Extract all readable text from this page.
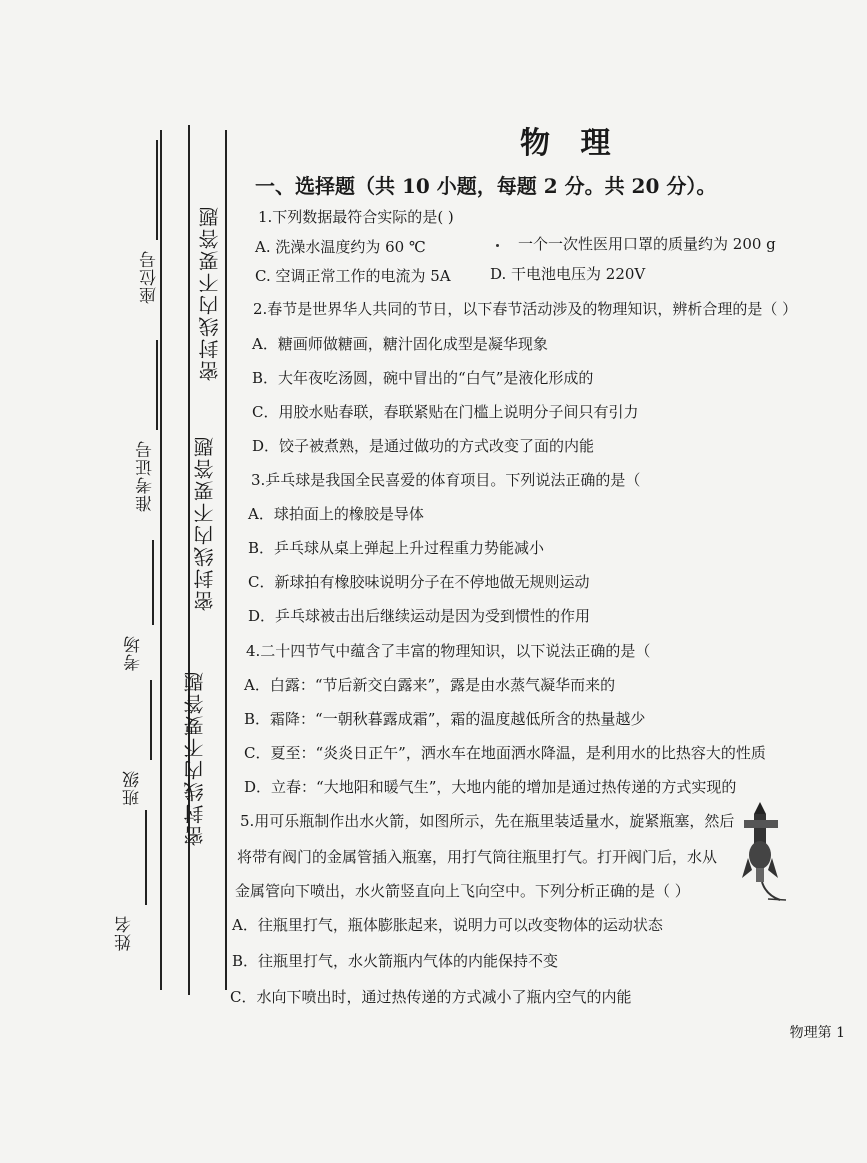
座位号
准考证号
考场
班级
姓名
密封线内不要答题
密封线内不要答题
密封线内不要答题
物 理
一、选择题（共 10 小题，每题 2 分。共 20 分）。
1.下列数据最符合实际的是( )
A. 洗澡水温度约为 60 ℃	一个一次性医用口罩的质量约为 200 g
C. 空调正常工作的电流为 5A	D. 干电池电压为 220V
2.春节是世界华人共同的节日，以下春节活动涉及的物理知识，辨析合理的是（ ）
A．糖画师做糖画，糖汁固化成型是凝华现象
B．大年夜吃汤圆，碗中冒出的“白气”是液化形成的
C．用胶水贴春联，春联紧贴在门槛上说明分子间只有引力
D．饺子被煮熟，是通过做功的方式改变了面的内能
3.乒乓球是我国全民喜爱的体育项目。下列说法正确的是（
A．球拍面上的橡胶是导体
B．乒乓球从桌上弹起上升过程重力势能减小
C．新球拍有橡胶味说明分子在不停地做无规则运动
D．乒乓球被击出后继续运动是因为受到惯性的作用
4.二十四节气中蕴含了丰富的物理知识，以下说法正确的是（
A．白露：“节后新交白露来”，露是由水蒸气凝华而来的
B．霜降：“一朝秋暮露成霜”，霜的温度越低所含的热量越少
C．夏至：“炎炎日正午”，洒水车在地面洒水降温，是利用水的比热容大的性质
D．立春：“大地阳和暖气生”，大地内能的增加是通过热传递的方式实现的
5.用可乐瓶制作出水火箭，如图所示，先在瓶里装适量水，旋紧瓶塞，然后
将带有阀门的金属管插入瓶塞，用打气筒往瓶里打气。打开阀门后，水从
金属管向下喷出，水火箭竖直向上飞向空中。下列分析正确的是（ ）
A．往瓶里打气，瓶体膨胀起来，说明力可以改变物体的运动状态
B．往瓶里打气，水火箭瓶内气体的内能保持不变
C．水向下喷出时，通过热传递的方式减小了瓶内空气的内能
物理第 1
